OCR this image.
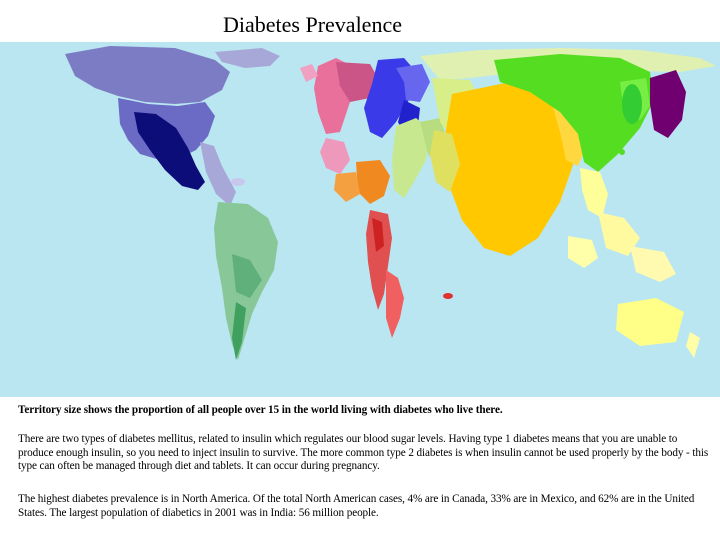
Diabetes Prevalence
Territory size shows the proportion of all people over 15 in the world living with diabetes who live there.
There are two types of diabetes mellitus, related to insulin which regulates our blood sugar levels. Having type 1 diabetes means that you are unable to produce enough insulin, so you need to inject insulin to survive. The more common type 2 diabetes is when insulin cannot be used properly by the body - this type can often be managed through diet and tablets. It can occur during pregnancy.
The highest diabetes prevalence is in North America. Of the total North American cases, 4% are in Canada, 33% are in Mexico, and 62% are in the United States. The largest population of diabetics in 2001 was in India: 56 million people.
